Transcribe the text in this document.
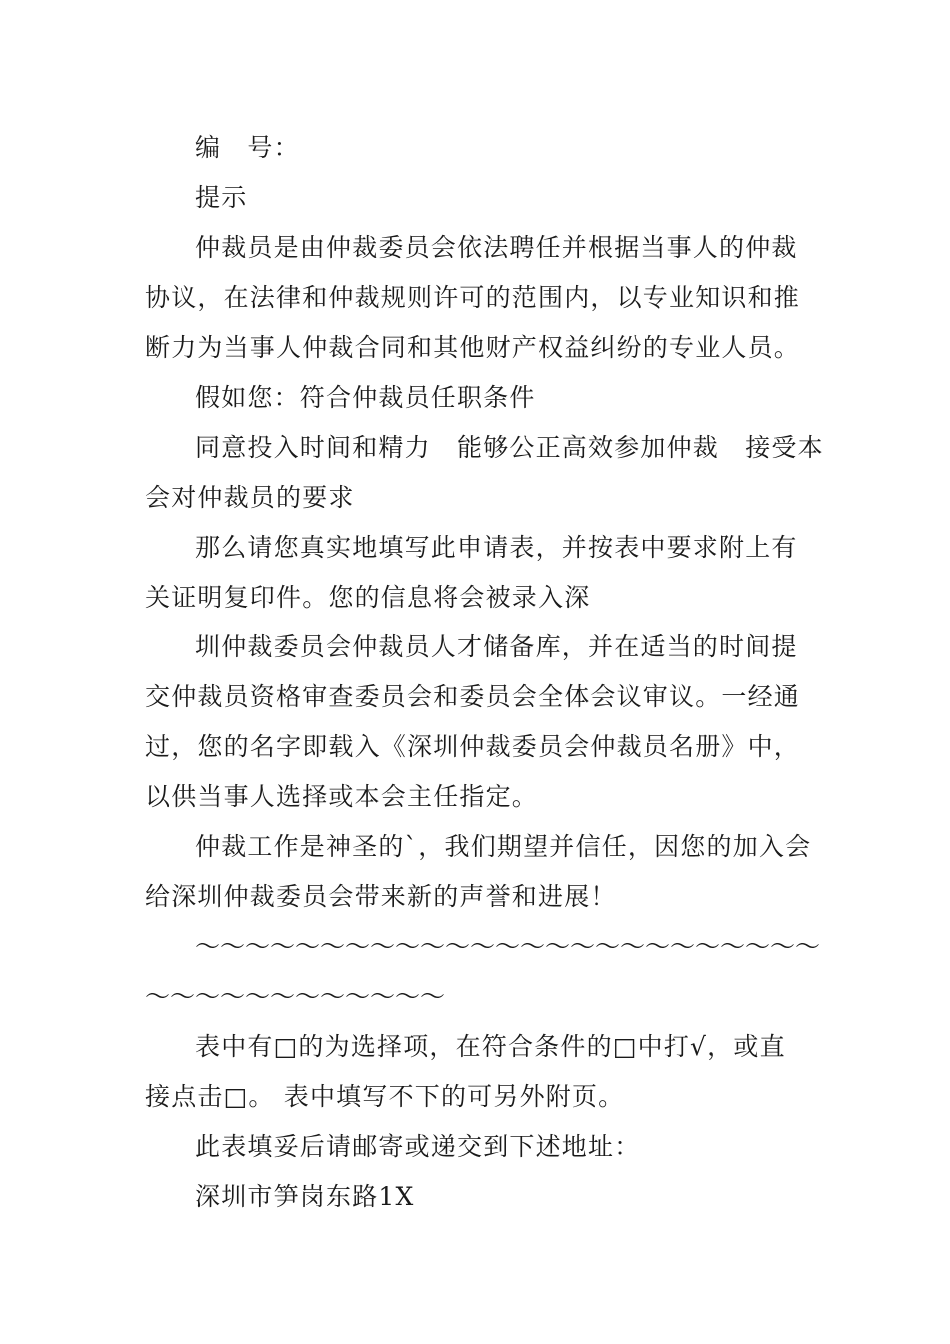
编　号：
提示
仲裁员是由仲裁委员会依法聘任并根据当事人的仲裁
协议，在法律和仲裁规则许可的范围内，以专业知识和推
断力为当事人仲裁合同和其他财产权益纠纷的专业人员。
假如您：符合仲裁员任职条件
同意投入时间和精力　能够公正高效参加仲裁　接受本
会对仲裁员的要求
那么请您真实地填写此申请表，并按表中要求附上有
关证明复印件。您的信息将会被录入深
圳仲裁委员会仲裁员人才储备库，并在适当的时间提
交仲裁员资格审查委员会和委员会全体会议审议。一经通
过，您的名字即载入《深圳仲裁委员会仲裁员名册》中，
以供当事人选择或本会主任指定。
仲裁工作是神圣的`，我们期望并信任，因您的加入会
给深圳仲裁委员会带来新的声誉和进展！
～～～～～～～～～～～～～～～～～～～～～～～～～
～～～～～～～～～～～～
表中有□的为选择项，在符合条件的□中打√，或直
接点击□。 表中填写不下的可另外附页。
此表填妥后请邮寄或递交到下述地址：
深圳市笋岗东路1X
